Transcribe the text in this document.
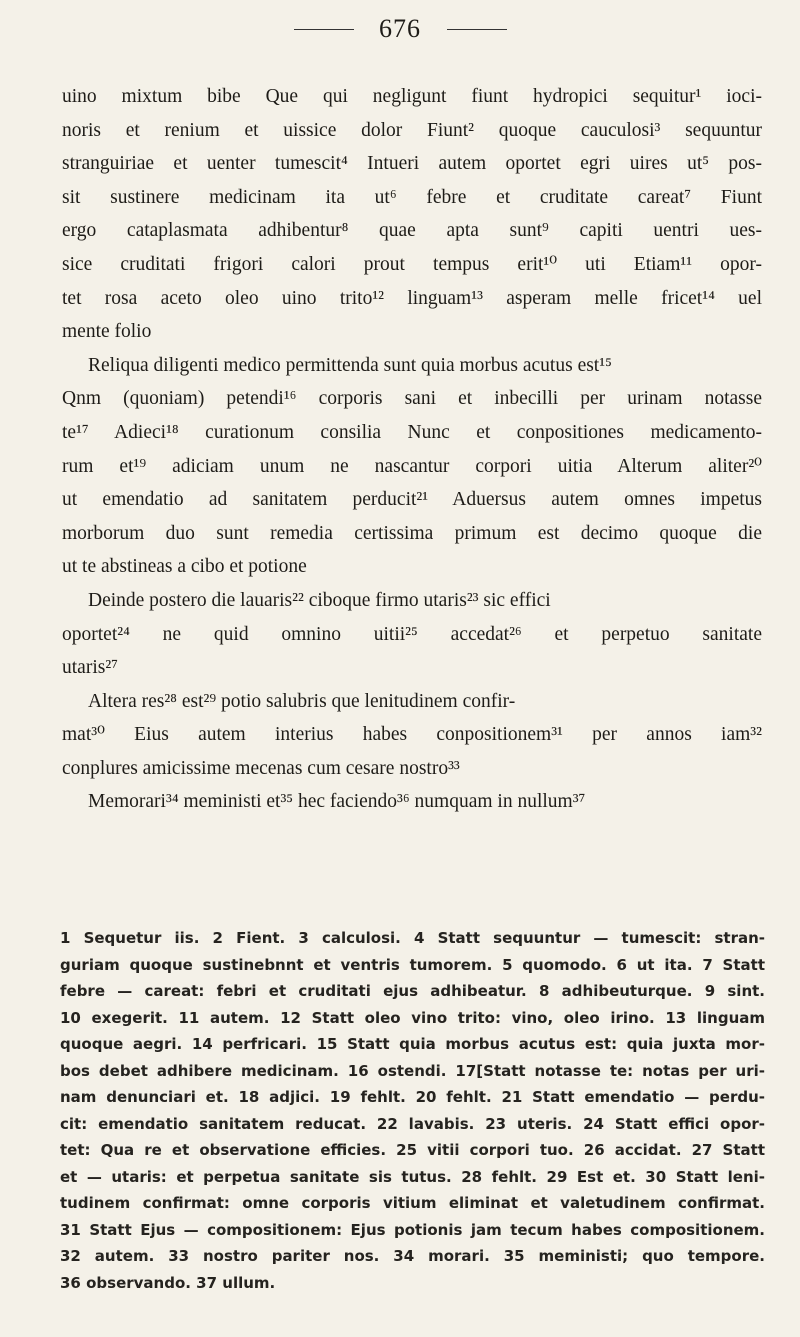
676
uino mixtum bibe Que qui negligunt fiunt hydropici sequitur¹ ioci-
noris et renium et uissice dolor Fiunt² quoque cauculosi³ sequuntur
stranguiriae et uenter tumescit⁴ Intueri autem oportet egri uires ut⁵ pos-
sit sustinere medicinam ita ut⁶ febre et cruditate careat⁷ Fiunt
ergo cataplasmata adhibentur⁸ quae apta sunt⁹ capiti uentri ues-
sice cruditati frigori calori prout tempus erit¹⁰ uti Etiam¹¹ opor-
tet rosa aceto oleo uino trito¹² linguam¹³ asperam melle fricet¹⁴ uel
mente folio
Reliqua diligenti medico permittenda sunt quia morbus acutus est¹⁵
Qnm (quoniam) petendi¹⁶ corporis sani et inbecilli per urinam notasse
te¹⁷ Adieci¹⁸ curationum consilia Nunc et conpositiones medicamento-
rum et¹⁹ adiciam unum ne nascantur corpori uitia Alterum aliter²⁰
ut emendatio ad sanitatem perducit²¹ Aduersus autem omnes impetus
morborum duo sunt remedia certissima primum est decimo quoque die
ut te abstineas a cibo et potione
Deinde postero die lauaris²² ciboque firmo utaris²³ sic effici
oportet²⁴ ne quid omnino uitii²⁵ accedat²⁶ et perpetuo sanitate
utaris²⁷
Altera res²⁸ est²⁹ potio salubris que lenitudinem confir-
mat³⁰ Eius autem interius habes conpositionem³¹ per annos iam³²
conplures amicissime mecenas cum cesare nostro³³
Memorari³⁴ meministi et³⁵ hec faciendo³⁶ numquam in nullum³⁷
1 Sequetur iis. 2 Fient. 3 calculosi. 4 Statt sequuntur — tumescit: stran-
guriam quoque sustinebnnt et ventris tumorem. 5 quomodo. 6 ut ita. 7 Statt
febre — careat: febri et cruditati ejus adhibeatur. 8 adhibeuturque. 9 sint.
10 exegerit. 11 autem. 12 Statt oleo vino trito: vino, oleo irino. 13 linguam
quoque aegri. 14 perfricari. 15 Statt quia morbus acutus est: quia juxta mor-
bos debet adhibere medicinam. 16 ostendi. 17[Statt notasse te: notas per uri-
nam denunciari et. 18 adjici. 19 fehlt. 20 fehlt. 21 Statt emendatio — perdu-
cit: emendatio sanitatem reducat. 22 lavabis. 23 uteris. 24 Statt effici opor-
tet: Qua re et observatione efficies. 25 vitii corpori tuo. 26 accidat. 27 Statt
et — utaris: et perpetua sanitate sis tutus. 28 fehlt. 29 Est et. 30 Statt leni-
tudinem confirmat: omne corporis vitium eliminat et valetudinem confirmat.
31 Statt Ejus — compositionem: Ejus potionis jam tecum habes compositionem.
32 autem. 33 nostro pariter nos. 34 morari. 35 meministi; quo tempore.
36 observando. 37 ullum.
